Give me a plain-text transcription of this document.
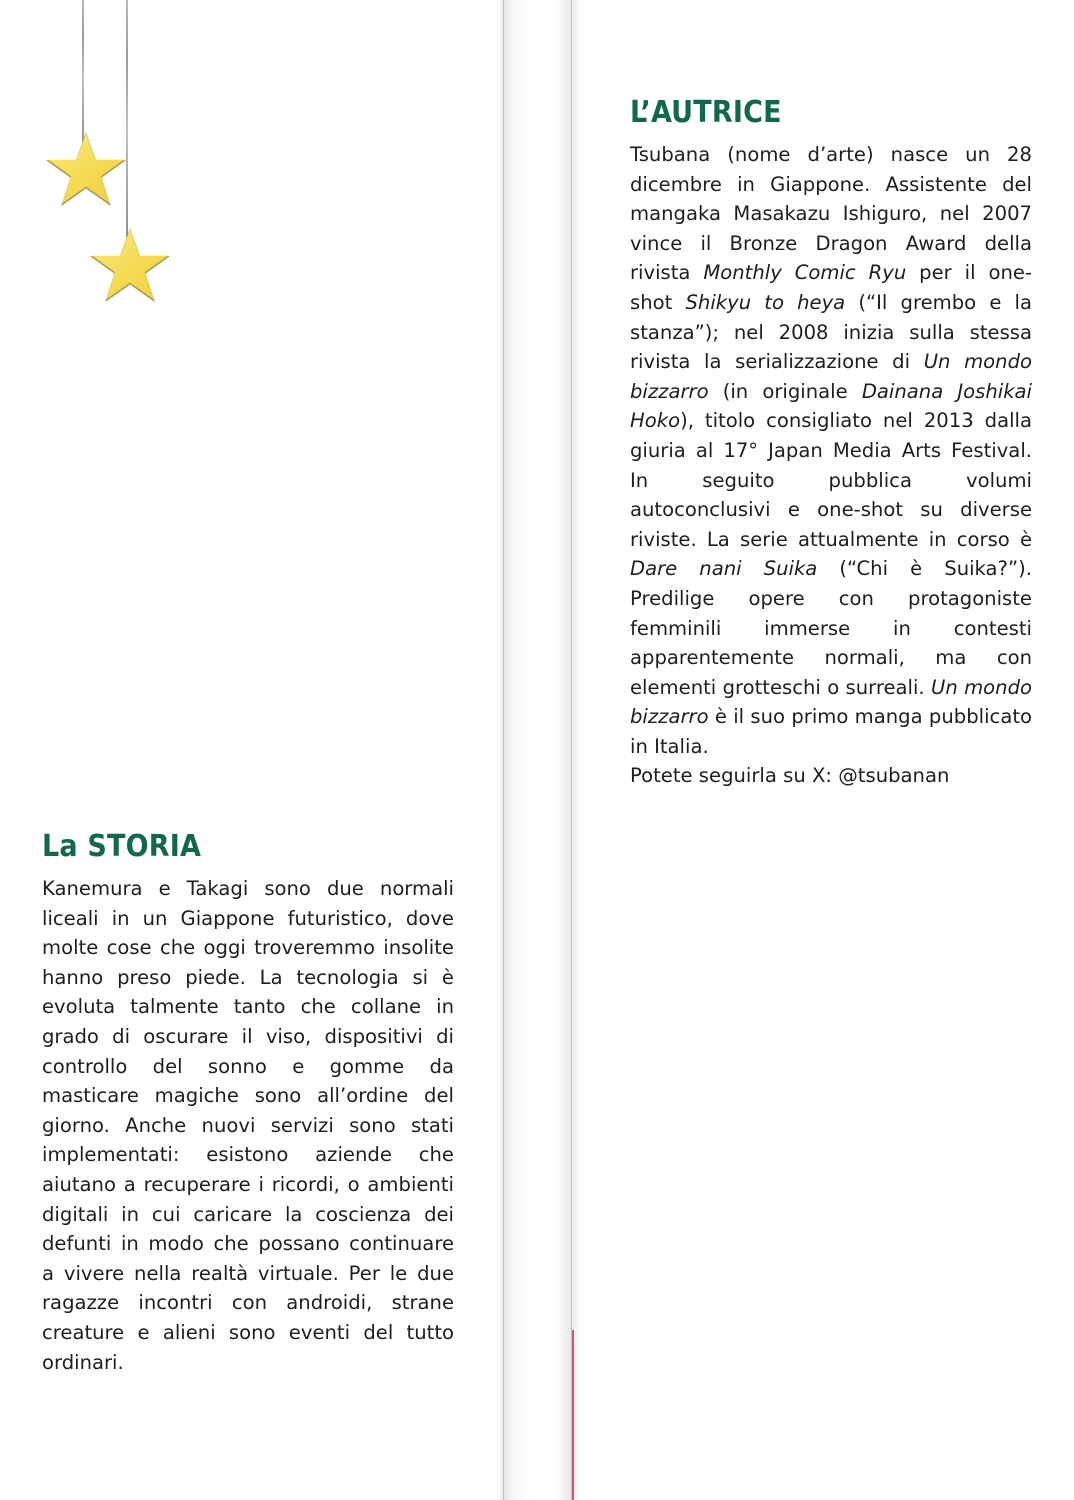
L’AUTRICE

Tsubana (nome d’arte) nasce un 28 dicembre in Giappone. Assistente del mangaka Masakazu Ishiguro, nel 2007 vince il Bronze Dragon Award della rivista Monthly Comic Ryu per il one-shot Shikyu to heya (“Il grembo e la stanza”); nel 2008 inizia sulla stessa rivista la serializzazione di Un mondo bizzarro (in originale Dainana Joshikai Hoko), titolo consigliato nel 2013 dalla giuria al 17° Japan Media Arts Festival. In seguito pubblica volumi autoconclusivi e one-shot su diverse riviste. La serie attualmente in corso è Dare nani Suika (“Chi è Suika?”). Predilige opere con protagoniste femminili immerse in contesti apparentemente normali, ma con elementi grotteschi o surreali. Un mondo bizzarro è il suo primo manga pubblicato in Italia.

Potete seguirla su X: @tsubanan

La STORIA

Kanemura e Takagi sono due normali liceali in un Giappone futuristico, dove molte cose che oggi troveremmo insolite hanno preso piede. La tecnologia si è evoluta talmente tanto che collane in grado di oscurare il viso, dispositivi di controllo del sonno e gomme da masticare magiche sono all’ordine del giorno. Anche nuovi servizi sono stati implementati: esistono aziende che aiutano a recuperare i ricordi, o ambienti digitali in cui caricare la coscienza dei defunti in modo che possano continuare a vivere nella realtà virtuale. Per le due ragazze incontri con androidi, strane creature e alieni sono eventi del tutto ordinari.
